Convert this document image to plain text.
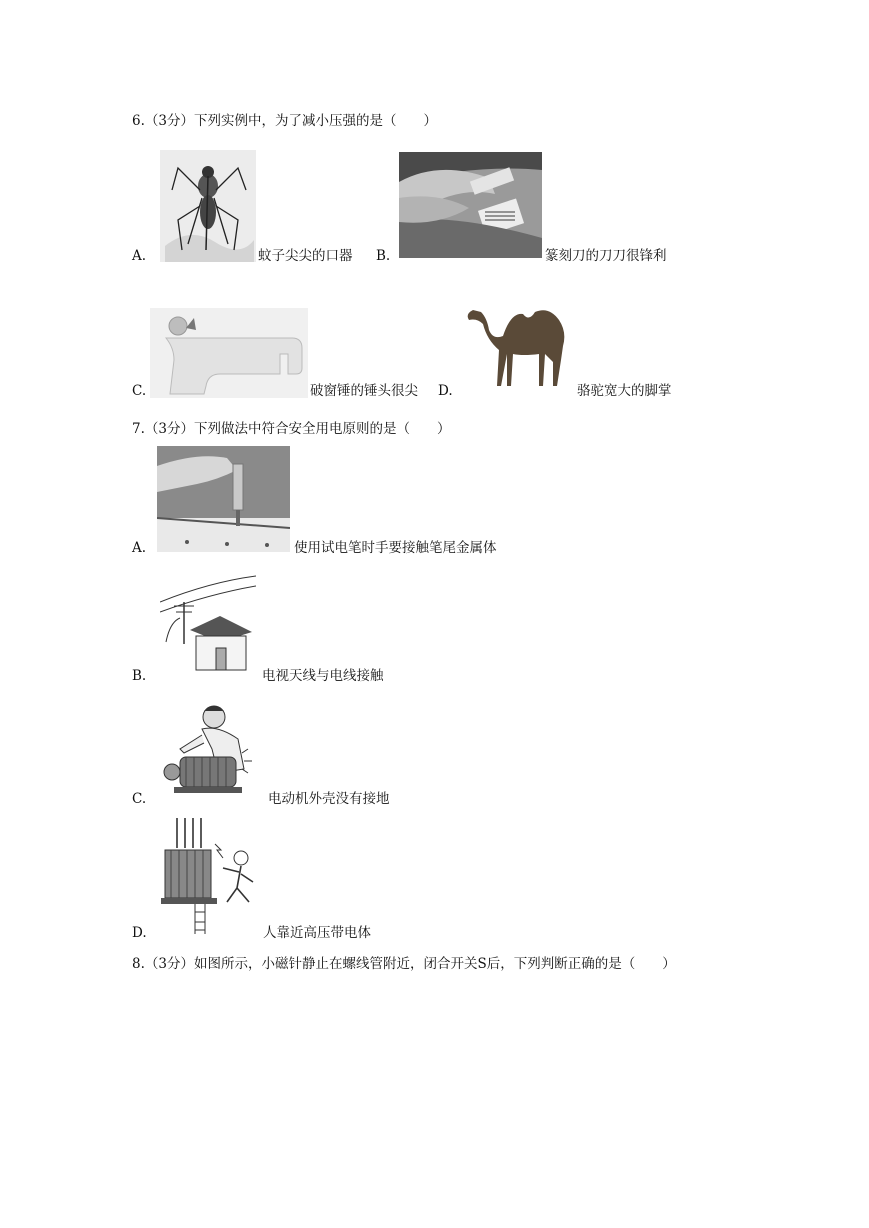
6.（3分）下列实例中，为了减小压强的是（　　）
A.	蚊子尖尖的口器 B.	篆刻刀的刀刀很锋利
C.	破窗锤的锤头很尖 D.	骆驼宽大的脚掌
7.（3分）下列做法中符合安全用电原则的是（　　）
A.	使用试电笔时手要接触笔尾金属体
B.	电视天线与电线接触
C.	电动机外壳没有接地
D.	人靠近高压带电体
8.（3分）如图所示，小磁针静止在螺线管附近，闭合开关S后，下列判断正确的是（　　）
